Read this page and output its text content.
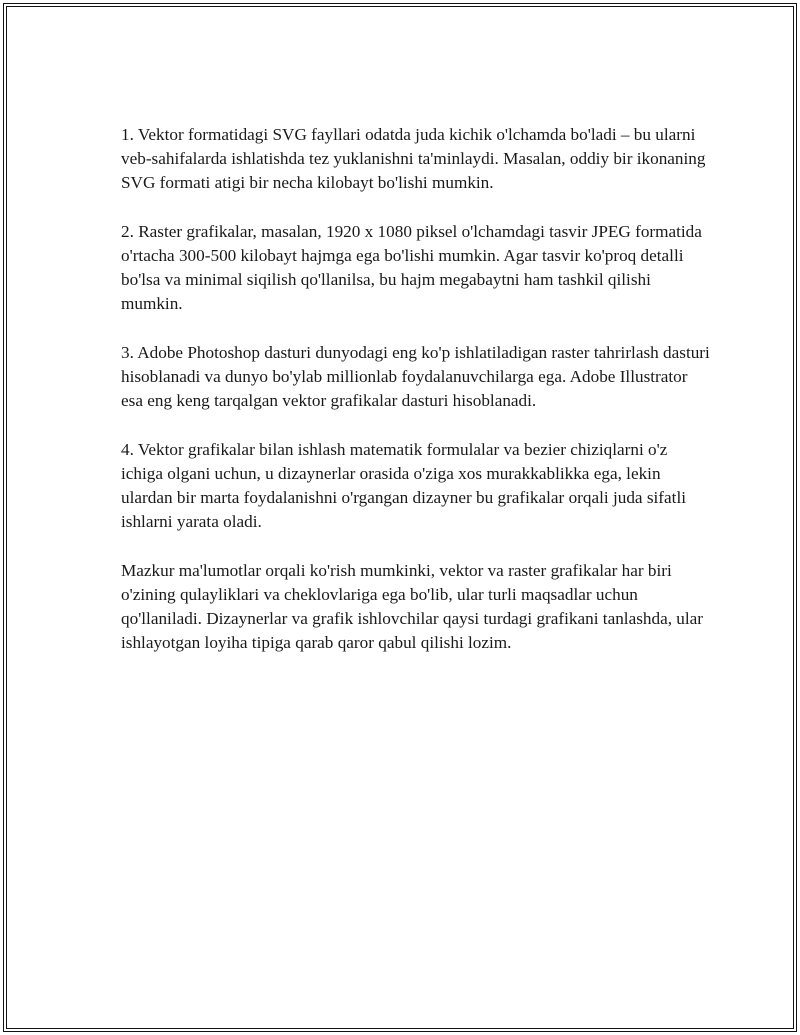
1. Vektor formatidagi SVG fayllari odatda juda kichik o'lchamda bo'ladi – bu ularni veb-sahifalarda ishlatishda tez yuklanishni ta'minlaydi. Masalan, oddiy bir ikonaning SVG formati atigi bir necha kilobayt bo'lishi mumkin.

2. Raster grafikalar, masalan, 1920 x 1080 piksel o'lchamdagi tasvir JPEG formatida o'rtacha 300-500 kilobayt hajmga ega bo'lishi mumkin. Agar tasvir ko'proq detalli bo'lsa va minimal siqilish qo'llanilsa, bu hajm megabaytni ham tashkil qilishi mumkin.

3. Adobe Photoshop dasturi dunyodagi eng ko'p ishlatiladigan raster tahrirlash dasturi hisoblanadi va dunyo bo'ylab millionlab foydalanuvchilarga ega. Adobe Illustrator esa eng keng tarqalgan vektor grafikalar dasturi hisoblanadi.

4. Vektor grafikalar bilan ishlash matematik formulalar va bezier chiziqlarni o'z ichiga olgani uchun, u dizaynerlar orasida o'ziga xos murakkablikka ega, lekin ulardan bir marta foydalanishni o'rgangan dizayner bu grafikalar orqali juda sifatli ishlarni yarata oladi.

Mazkur ma'lumotlar orqali ko'rish mumkinki, vektor va raster grafikalar har biri o'zining qulayliklari va cheklovlariga ega bo'lib, ular turli maqsadlar uchun qo'llaniladi. Dizaynerlar va grafik ishlovchilar qaysi turdagi grafikani tanlashda, ular ishlayotgan loyiha tipiga qarab qaror qabul qilishi lozim.
